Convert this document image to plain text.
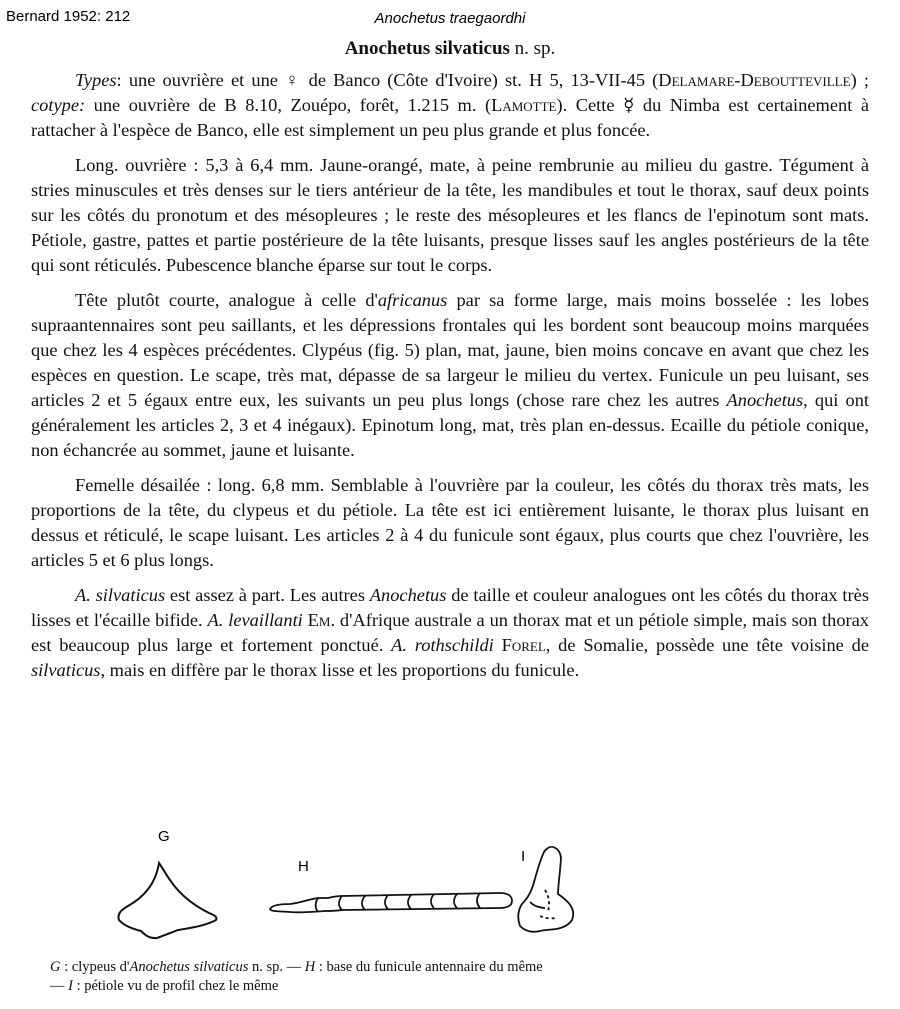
Bernard 1952: 212	Anochetus traegaordhi
Anochetus silvaticus n. sp.

Types: une ouvrière et une ♀ de Banco (Côte d'Ivoire) st. H 5, 13-VII-45 (Delamare-Deboutteville) ; cotype: une ouvrière de B 8.10, Zouépo, forêt, 1.215 m. (Lamotte). Cette ☿ du Nimba est certainement à rattacher à l'espèce de Banco, elle est simplement un peu plus grande et plus foncée.

Long. ouvrière : 5,3 à 6,4 mm. Jaune-orangé, mate, à peine rembrunie au milieu du gastre. Tégument à stries minuscules et très denses sur le tiers antérieur de la tête, les mandibules et tout le thorax, sauf deux points sur les côtés du pronotum et des mésopleures ; le reste des mésopleures et les flancs de l'epinotum sont mats. Pétiole, gastre, pattes et partie postérieure de la tête luisants, presque lisses sauf les angles postérieurs de la tête qui sont réticulés. Pubescence blanche éparse sur tout le corps.

Tête plutôt courte, analogue à celle d'africanus par sa forme large, mais moins bosselée : les lobes supraantennaires sont peu saillants, et les dépressions frontales qui les bordent sont beaucoup moins marquées que chez les 4 espèces précédentes. Clypéus (fig. 5) plan, mat, jaune, bien moins concave en avant que chez les espèces en question. Le scape, très mat, dépasse de sa largeur le milieu du vertex. Funicule un peu luisant, ses articles 2 et 5 égaux entre eux, les suivants un peu plus longs (chose rare chez les autres Anochetus, qui ont généralement les articles 2, 3 et 4 inégaux). Epinotum long, mat, très plan en-dessus. Ecaille du pétiole conique, non échancrée au sommet, jaune et luisante.

Femelle désailée : long. 6,8 mm. Semblable à l'ouvrière par la couleur, les côtés du thorax très mats, les proportions de la tête, du clypeus et du pétiole. La tête est ici entièrement luisante, le thorax plus luisant en dessus et réticulé, le scape luisant. Les articles 2 à 4 du funicule sont égaux, plus courts que chez l'ouvrière, les articles 5 et 6 plus longs.

A. silvaticus est assez à part. Les autres Anochetus de taille et couleur analogues ont les côtés du thorax très lisses et l'écaille bifide. A. levaillanti Em. d'Afrique australe a un thorax mat et un pétiole simple, mais son thorax est beaucoup plus large et fortement ponctué. A. rothschildi Forel, de Somalie, possède une tête voisine de silvaticus, mais en diffère par le thorax lisse et les proportions du funicule.

G
H
I
G : clypeus d'Anochetus silvaticus n. sp. — H : base du funicule antennaire du même
— I : pétiole vu de profil chez le même
